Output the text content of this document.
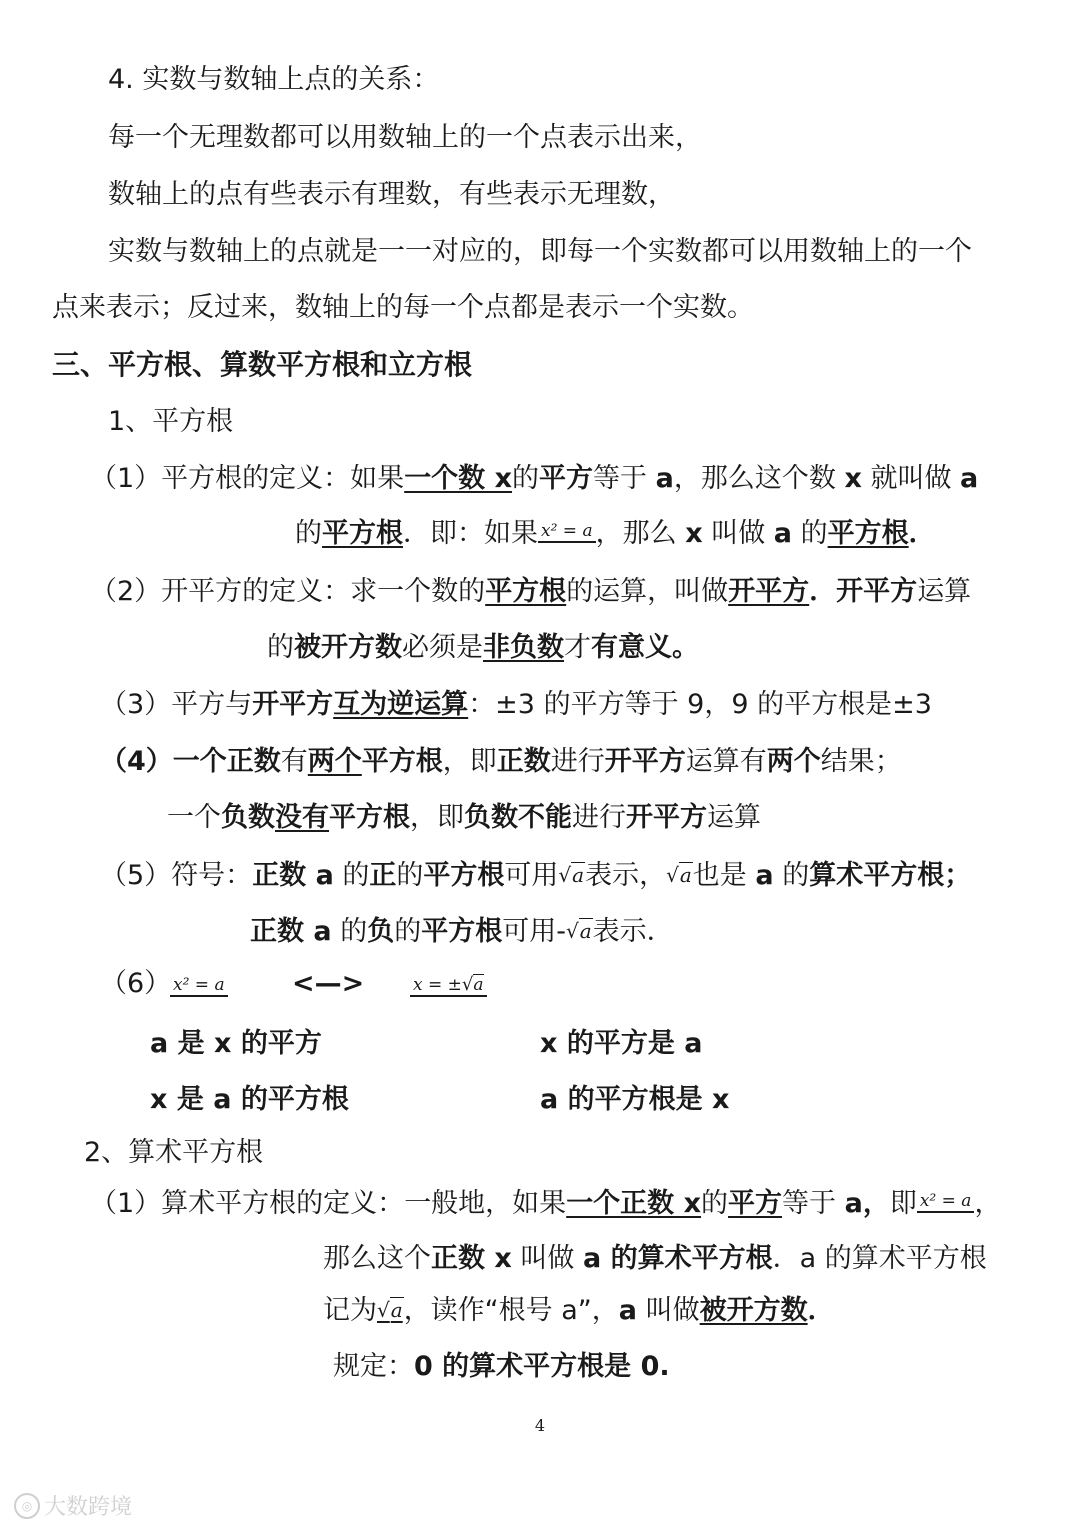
4. 实数与数轴上点的关系：
每一个无理数都可以用数轴上的一个点表示出来，
数轴上的点有些表示有理数，有些表示无理数，
实数与数轴上的点就是一一对应的，即每一个实数都可以用数轴上的一个
点来表示；反过来，数轴上的每一个点都是表示一个实数。
三、平方根、算数平方根和立方根
1、平方根
（1）平方根的定义：如果一个数 x的平方等于 a，那么这个数 x 就叫做 a
的平方根．即：如果 x² = a ，那么 x 叫做 a 的平方根．
（2）开平方的定义：求一个数的平方根的运算，叫做开平方．开平方运算
的被开方数必须是非负数才有意义。
（3）平方与开平方互为逆运算：±3 的平方等于 9，9 的平方根是±3
（4）一个正数有两个平方根，即正数进行开平方运算有两个结果；
一个负数没有平方根，即负数不能进行开平方运算
（5）符号：正数 a 的正的平方根可用√a表示，√a也是 a 的算术平方根；
正数 a 的负的平方根可用-√a表示．
（6） x² = a <—>	x = ±√a
a 是 x 的平方	x 的平方是 a
x 是 a 的平方根	a 的平方根是 x
2、算术平方根
（1）算术平方根的定义：一般地，如果一个正数 x的平方等于 a，即 x² = a ，
那么这个正数 x 叫做 a 的算术平方根．a 的算术平方根
记为√a，读作“根号 a”，a 叫做被开方数．
规定：0 的算术平方根是 0.
4
◎ 大数跨境
